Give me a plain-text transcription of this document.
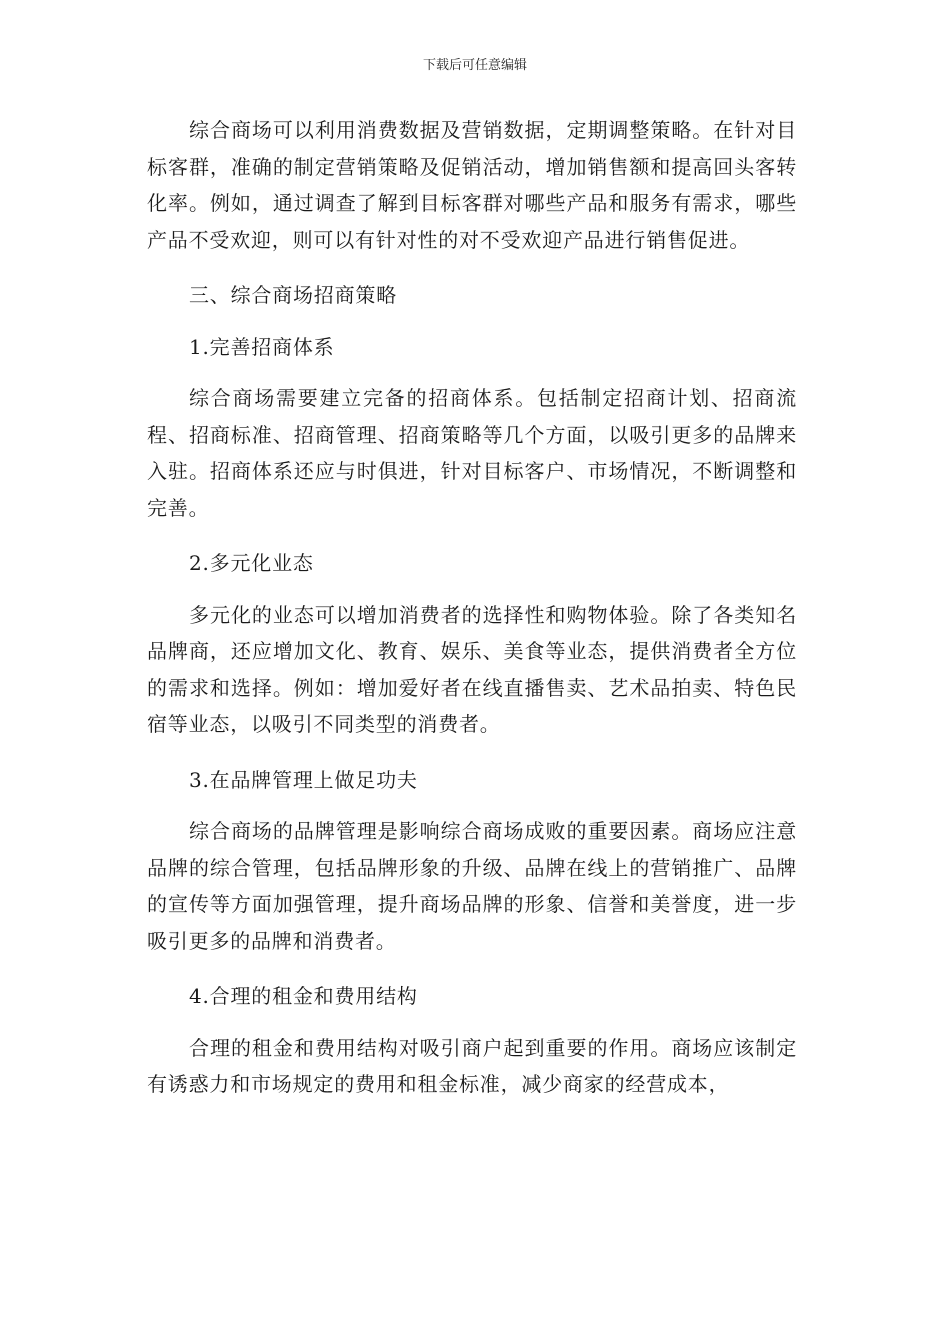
下载后可任意编辑
综合商场可以利用消费数据及营销数据，定期调整策略。在针对目标客群，准确的制定营销策略及促销活动，增加销售额和提高回头客转化率。例如，通过调查了解到目标客群对哪些产品和服务有需求，哪些产品不受欢迎，则可以有针对性的对不受欢迎产品进行销售促进。
三、综合商场招商策略
1.完善招商体系
综合商场需要建立完备的招商体系。包括制定招商计划、招商流程、招商标准、招商管理、招商策略等几个方面，以吸引更多的品牌来入驻。招商体系还应与时俱进，针对目标客户、市场情况，不断调整和完善。
2.多元化业态
多元化的业态可以增加消费者的选择性和购物体验。除了各类知名品牌商，还应增加文化、教育、娱乐、美食等业态，提供消费者全方位的需求和选择。例如：增加爱好者在线直播售卖、艺术品拍卖、特色民宿等业态，以吸引不同类型的消费者。
3.在品牌管理上做足功夫
综合商场的品牌管理是影响综合商场成败的重要因素。商场应注意品牌的综合管理，包括品牌形象的升级、品牌在线上的营销推广、品牌的宣传等方面加强管理，提升商场品牌的形象、信誉和美誉度，进一步吸引更多的品牌和消费者。
4.合理的租金和费用结构
合理的租金和费用结构对吸引商户起到重要的作用。商场应该制定有诱惑力和市场规定的费用和租金标准，减少商家的经营成本，
